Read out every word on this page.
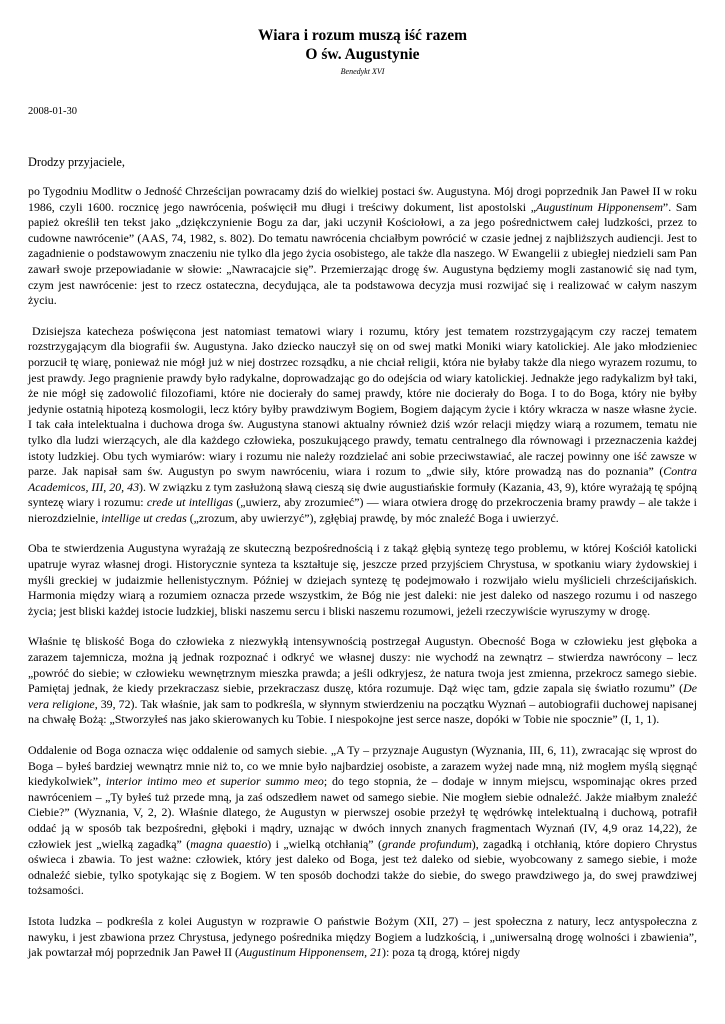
Wiara i rozum muszą iść razem
O św. Augustynie
Benedykt XVI
2008-01-30
Drodzy przyjaciele,

po Tygodniu Modlitw o Jedność Chrześcijan powracamy dziś do wielkiej postaci św. Augustyna. Mój drogi poprzednik Jan Paweł II w roku 1986, czyli 1600. rocznicę jego nawrócenia, poświęcił mu długi i treściwy dokument, list apostolski „Augustinum Hipponensem”. Sam papież określił ten tekst jako „dziękczynienie Bogu za dar, jaki uczynił Kościołowi, a za jego pośrednictwem całej ludzkości, przez to cudowne nawrócenie” (AAS, 74, 1982, s. 802). Do tematu nawrócenia chciałbym powrócić w czasie jednej z najbliższych audiencji. Jest to zagadnienie o podstawowym znaczeniu nie tylko dla jego życia osobistego, ale także dla naszego. W Ewangelii z ubiegłej niedzieli sam Pan zawarł swoje przepowiadanie w słowie: „Nawracajcie się”. Przemierzając drogę św. Augustyna będziemy mogli zastanowić się nad tym, czym jest nawrócenie: jest to rzecz ostateczna, decydująca, ale ta podstawowa decyzja musi rozwijać się i realizować w całym naszym życiu.

Dzisiejsza katecheza poświęcona jest natomiast tematowi wiary i rozumu, który jest tematem rozstrzygającym czy raczej tematem rozstrzygającym dla biografii św. Augustyna. Jako dziecko nauczył się on od swej matki Moniki wiary katolickiej. Ale jako młodzieniec porzucił tę wiarę, ponieważ nie mógł już w niej dostrzec rozsądku, a nie chciał religii, która nie byłaby także dla niego wyrazem rozumu, to jest prawdy. Jego pragnienie prawdy było radykalne, doprowadzając go do odejścia od wiary katolickiej. Jednakże jego radykalizm był taki, że nie mógł się zadowolić filozofiami, które nie docierały do samej prawdy, które nie docierały do Boga. I to do Boga, który nie byłby jedynie ostatnią hipotezą kosmologii, lecz który byłby prawdziwym Bogiem, Bogiem dającym życie i który wkracza w nasze własne życie. I tak cała intelektualna i duchowa droga św. Augustyna stanowi aktualny również dziś wzór relacji między wiarą a rozumem, tematu nie tylko dla ludzi wierzących, ale dla każdego człowieka, poszukującego prawdy, tematu centralnego dla równowagi i przeznaczenia każdej istoty ludzkiej. Obu tych wymiarów: wiary i rozumu nie należy rozdzielać ani sobie przeciwstawiać, ale raczej powinny one iść zawsze w parze. Jak napisał sam św. Augustyn po swym nawróceniu, wiara i rozum to „dwie siły, które prowadzą nas do poznania” (Contra Academicos, III, 20, 43). W związku z tym zasłużoną sławą cieszą się dwie augustiańskie formuły (Kazania, 43, 9), które wyrażają tę spójną syntezę wiary i rozumu: crede ut intelligas („uwierz, aby zrozumieć”) — wiara otwiera drogę do przekroczenia bramy prawdy – ale także i nierozdzielnie, intellige ut credas („zrozum, aby uwierzyć”), zgłębiaj prawdę, by móc znaleźć Boga i uwierzyć.

Oba te stwierdzenia Augustyna wyrażają ze skuteczną bezpośrednością i z takąż głębią syntezę tego problemu, w której Kościół katolicki upatruje wyraz własnej drogi. Historycznie synteza ta kształtuje się, jeszcze przed przyjściem Chrystusa, w spotkaniu wiary żydowskiej i myśli greckiej w judaizmie hellenistycznym. Później w dziejach syntezę tę podejmowało i rozwijało wielu myślicieli chrześcijańskich. Harmonia między wiarą a rozumiem oznacza przede wszystkim, że Bóg nie jest daleki: nie jest daleko od naszego rozumu i od naszego życia; jest bliski każdej istocie ludzkiej, bliski naszemu sercu i bliski naszemu rozumowi, jeżeli rzeczywiście wyruszymy w drogę.

Właśnie tę bliskość Boga do człowieka z niezwykłą intensywnością postrzegał Augustyn. Obecność Boga w człowieku jest głęboka a zarazem tajemnicza, można ją jednak rozpoznać i odkryć we własnej duszy: nie wychodź na zewnątrz – stwierdza nawrócony – lecz „powróć do siebie; w człowieku wewnętrznym mieszka prawda; a jeśli odkryjesz, że natura twoja jest zmienna, przekrocz samego siebie. Pamiętaj jednak, że kiedy przekraczasz siebie, przekraczasz duszę, która rozumuje. Dąż więc tam, gdzie zapala się światło rozumu” (De vera religione, 39, 72). Tak właśnie, jak sam to podkreśla, w słynnym stwierdzeniu na początku Wyznań – autobiografii duchowej napisanej na chwałę Bożą: „Stworzyłeś nas jako skierowanych ku Tobie. I niespokojne jest serce nasze, dopóki w Tobie nie spocznie” (I, 1, 1).

Oddalenie od Boga oznacza więc oddalenie od samych siebie. „A Ty – przyznaje Augustyn (Wyznania, III, 6, 11), zwracając się wprost do Boga – byłeś bardziej wewnątrz mnie niż to, co we mnie było najbardziej osobiste, a zarazem wyżej nade mną, niż mogłem myślą sięgnąć kiedykolwiek”, interior intimo meo et superior summo meo; do tego stopnia, że – dodaje w innym miejscu, wspominając okres przed nawróceniem – „Ty byłeś tuż przede mną, ja zaś odszedłem nawet od samego siebie. Nie mogłem siebie odnaleźć. Jakże miałbym znaleźć Ciebie?” (Wyznania, V, 2, 2). Właśnie dlatego, że Augustyn w pierwszej osobie przeżył tę wędrówkę intelektualną i duchową, potrafił oddać ją w sposób tak bezpośredni, głęboki i mądry, uznając w dwóch innych znanych fragmentach Wyznań (IV, 4,9 oraz 14,22), że człowiek jest „wielką zagadką” (magna quaestio) i „wielką otchłanią” (grande profundum), zagadką i otchłanią, które dopiero Chrystus oświeca i zbawia. To jest ważne: człowiek, który jest daleko od Boga, jest też daleko od siebie, wyobcowany z samego siebie, i może odnaleźć siebie, tylko spotykając się z Bogiem. W ten sposób dochodzi także do siebie, do swego prawdziwego ja, do swej prawdziwej tożsamości.

Istota ludzka – podkreśla z kolei Augustyn w rozprawie O państwie Bożym (XII, 27) – jest społeczna z natury, lecz antyspołeczna z nawyku, i jest zbawiona przez Chrystusa, jedynego pośrednika między Bogiem a ludzkością, i „uniwersalną drogę wolności i zbawienia”, jak powtarzał mój poprzednik Jan Paweł II (Augustinum Hipponensem, 21): poza tą drogą, której nigdy
